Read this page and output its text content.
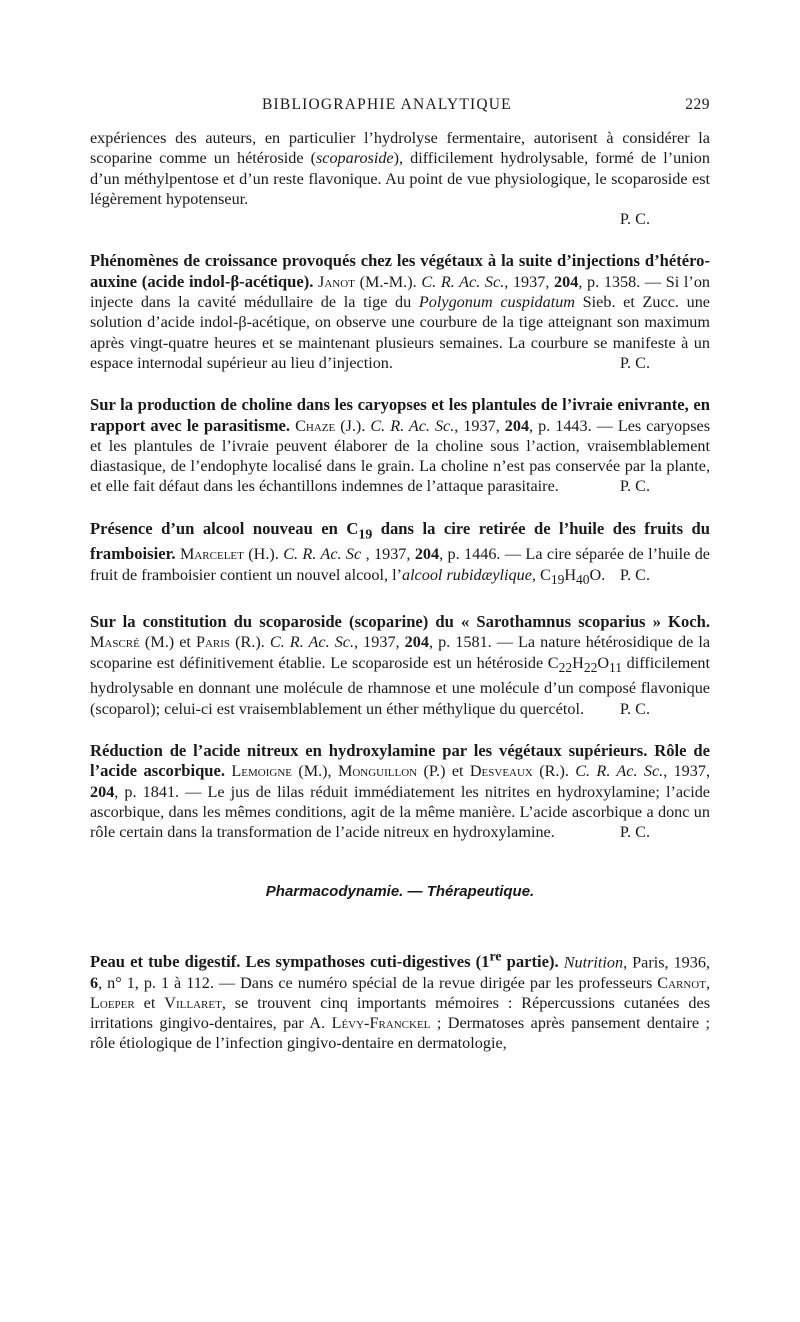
BIBLIOGRAPHIE ANALYTIQUE	229

expériences des auteurs, en particulier l’hydrolyse fermentaire, autorisent à considérer la scoparine comme un hétéroside (scoparoside), difficilement hydrolysable, formé de l’union d’un méthylpentose et d’un reste flavonique. Au point de vue physiologique, le scoparoside est légèrement hypotenseur.

P. C.

Phénomènes de croissance provoqués chez les végétaux à la suite d’injections d’hétéro-auxine (acide indol-β-acétique). Janot (M.-M.). C. R. Ac. Sc., 1937, 204, p. 1358. — Si l’on injecte dans la cavité médullaire de la tige du Polygonum cuspidatum Sieb. et Zucc. une solution d’acide indol-β-acétique, on observe une courbure de la tige atteignant son maximum après vingt-quatre heures et se maintenant plusieurs semaines. La courbure se manifeste à un espace internodal supérieur au lieu d’injection.	P. C.

Sur la production de choline dans les caryopses et les plantules de l’ivraie enivrante, en rapport avec le parasitisme. Chaze (J.). C. R. Ac. Sc., 1937, 204, p. 1443. — Les caryopses et les plantules de l’ivraie peuvent élaborer de la choline sous l’action, vraisemblablement diastasique, de l’endophyte localisé dans le grain. La choline n’est pas conservée par la plante, et elle fait défaut dans les échantillons indemnes de l’attaque parasitaire.	P. C.

Présence d’un alcool nouveau en $C_{19}$ dans la cire retirée de l’huile des fruits du framboisier. Marcelet (H.). C. R. Ac. Sc , 1937, 204, p. 1446. — La cire séparée de l’huile de fruit de framboisier contient un nouvel alcool, l’alcool rubidæylique, $C_{19}H_{40}O$. P. C.

Sur la constitution du scoparoside (scoparine) du « Sarothamnus scoparius » Koch. Mascré (M.) et Paris (R.). C. R. Ac. Sc., 1937, 204, p. 1581. — La nature hétérosidique de la scoparine est définitivement établie. Le scoparoside est un hétéroside $C_{22}H_{22}O_{11}$ difficilement hydrolysable en donnant une molécule de rhamnose et une molécule d’un composé flavonique (scoparol); celui-ci est vraisemblablement un éther méthylique du quercétol. P. C.

Réduction de l’acide nitreux en hydroxylamine par les végétaux supérieurs. Rôle de l’acide ascorbique. Lemoigne (M.), Monguillon (P.) et Desveaux (R.). C. R. Ac. Sc., 1937, 204, p. 1841. — Le jus de lilas réduit immédiatement les nitrites en hydroxylamine; l’acide ascorbique, dans les mêmes conditions, agit de la même manière. L’acide ascorbique a donc un rôle certain dans la transformation de l’acide nitreux en hydroxylamine.	P. C.

Pharmacodynamie. — Thérapeutique.

Peau et tube digestif. Les sympathoses cuti-digestives (1re partie). Nutrition, Paris, 1936, 6, n° 1, p. 1 à 112. — Dans ce numéro spécial de la revue dirigée par les professeurs Carnot, Loeper et Villaret, se trouvent cinq importants mémoires : Répercussions cutanées des irritations gingivo-dentaires, par A. Lévy-Franckel ; Dermatoses après pansement dentaire ; rôle étiologique de l’infection gingivo-dentaire en dermatologie,
